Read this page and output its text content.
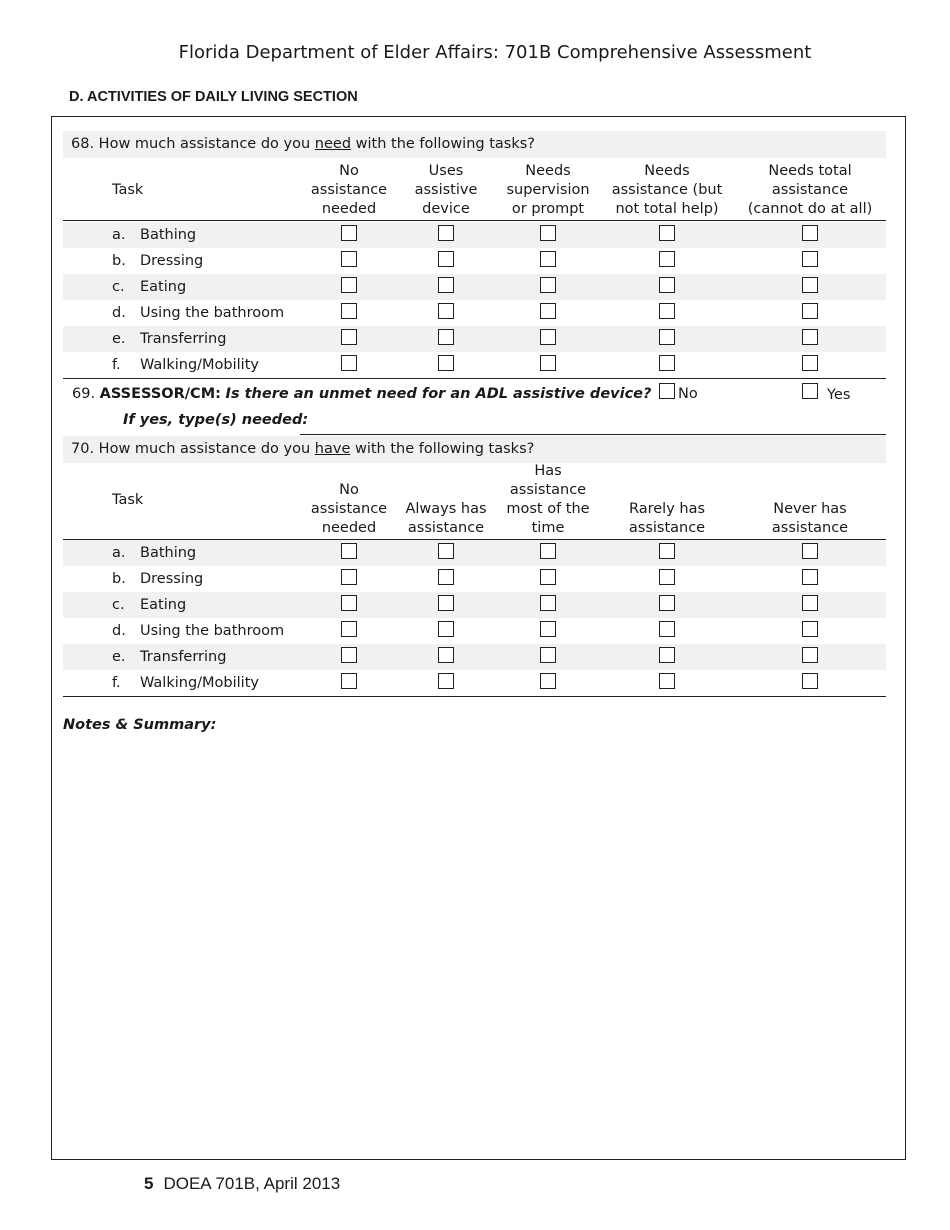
Florida Department of Elder Affairs: 701B Comprehensive Assessment
D. ACTIVITIES OF DAILY LIVING SECTION
68. How much assistance do you need with the following tasks?
Task
No
assistance
needed
Uses
assistive
device
Needs
supervision
or prompt
Needs
assistance (but
not total help)
Needs total
assistance
(cannot do at all)
a. Bathing
b. Dressing
c. Eating
d. Using the bathroom
e. Transferring
f. Walking/Mobility
69. ASSESSOR/CM: Is there an unmet need for an ADL assistive device? No	Yes
If yes, type(s) needed:
70. How much assistance do you have with the following tasks?
Task
No
assistance
needed
Always has
assistance
Has
assistance
most of the
time
Rarely has
assistance
Never has
assistance
a. Bathing
b. Dressing
c. Eating
d. Using the bathroom
e. Transferring
f. Walking/Mobility
Notes & Summary:
5 DOEA 701B, April 2013
